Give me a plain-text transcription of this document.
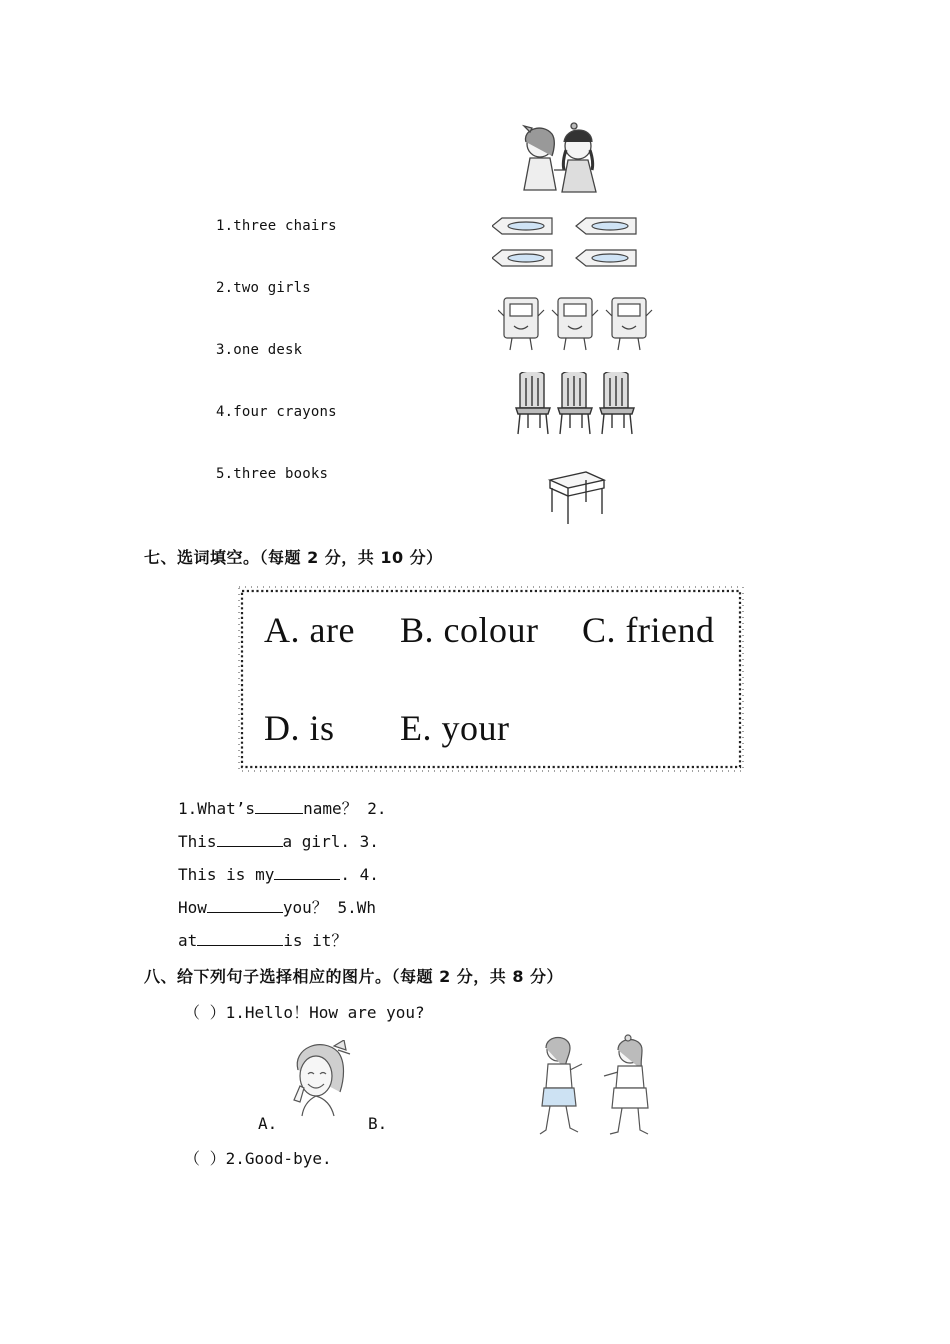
1.three chairs
2.two girls
3.one desk
4.four crayons
5.three books
七、选词填空。（每题 2 分，共 10 分）
A. are B. colour C. friend
D. is E. your
1.What’s	name？ 2.
This	a girl. 3.
This is my	. 4.
How	you？ 5.Wh
at	is it？
八、给下列句子选择相应的图片。（每题 2 分，共 8 分）
（ ）1.Hello！How are you?
A.	B.
（ ）2.Good-bye.
